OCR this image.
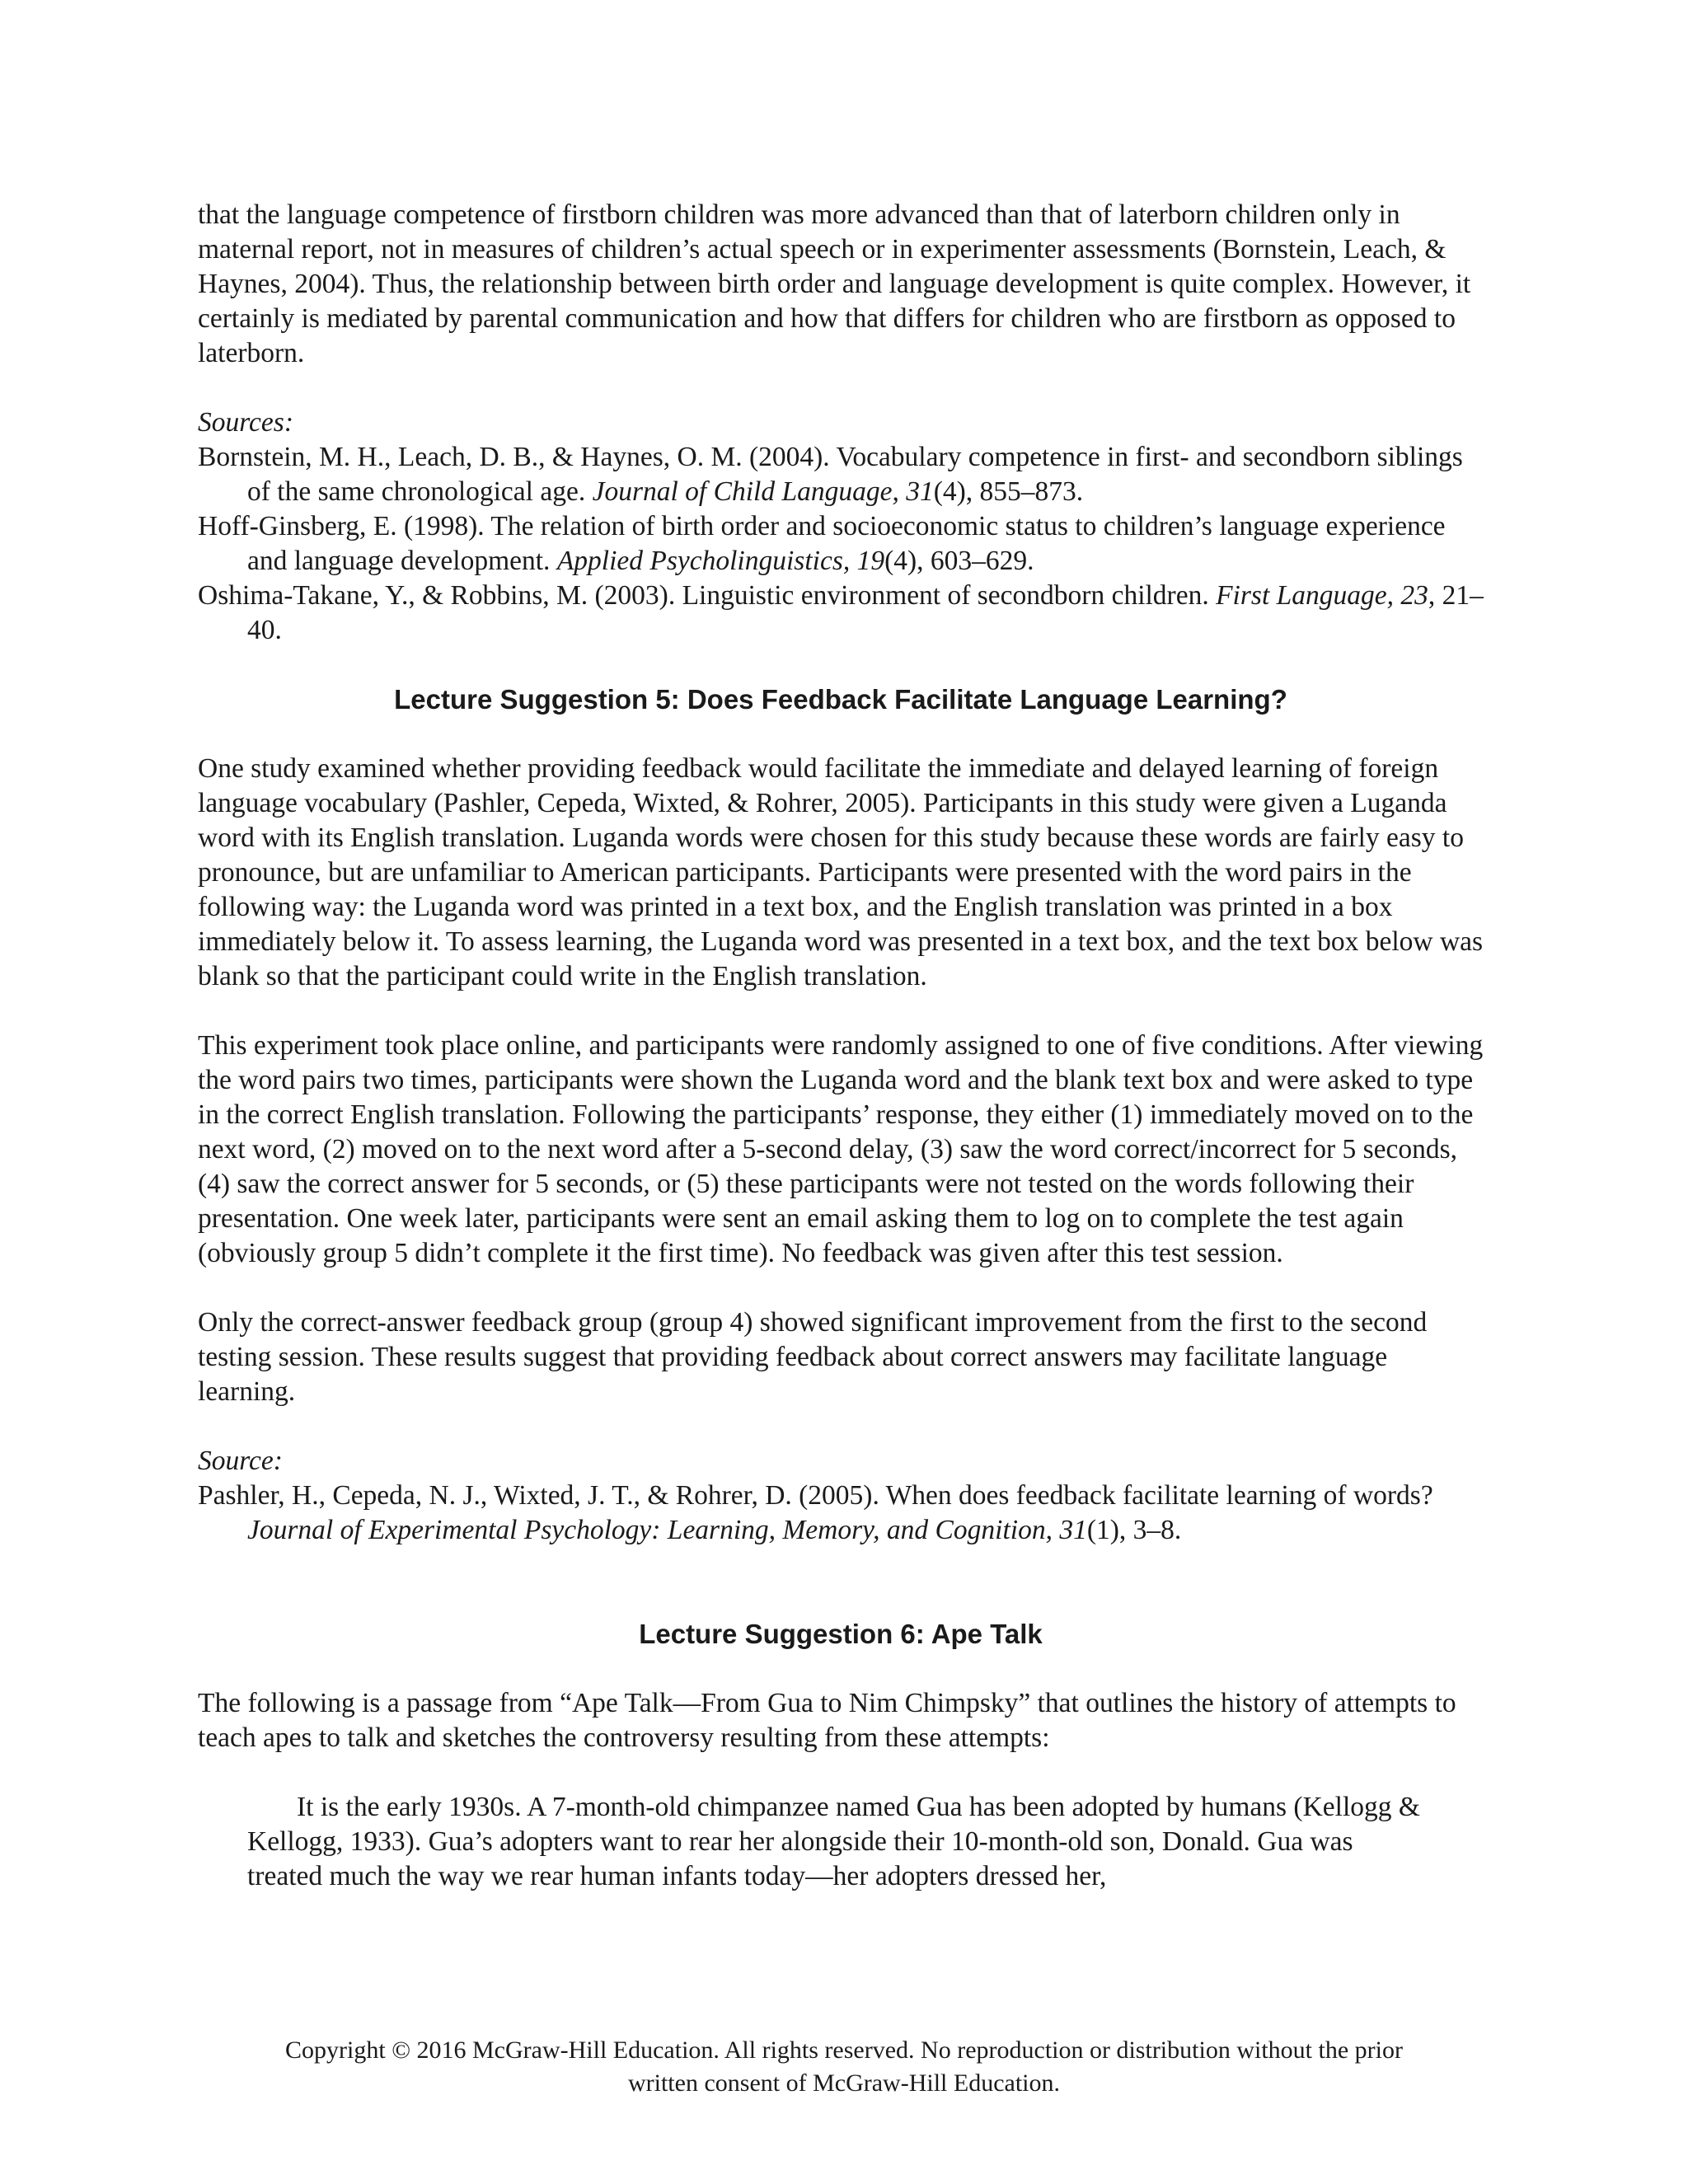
that the language competence of firstborn children was more advanced than that of laterborn children only in maternal report, not in measures of children’s actual speech or in experimenter assessments (Bornstein, Leach, & Haynes, 2004). Thus, the relationship between birth order and language development is quite complex. However, it certainly is mediated by parental communication and how that differs for children who are firstborn as opposed to laterborn.

Sources:

Bornstein, M. H., Leach, D. B., & Haynes, O. M. (2004). Vocabulary competence in first- and secondborn siblings of the same chronological age. Journal of Child Language, 31(4), 855–873.

Hoff-Ginsberg, E. (1998). The relation of birth order and socioeconomic status to children’s language experience and language development. Applied Psycholinguistics, 19(4), 603–629.

Oshima-Takane, Y., & Robbins, M. (2003). Linguistic environment of secondborn children. First Language, 23, 21–40.

Lecture Suggestion 5: Does Feedback Facilitate Language Learning?

One study examined whether providing feedback would facilitate the immediate and delayed learning of foreign language vocabulary (Pashler, Cepeda, Wixted, & Rohrer, 2005). Participants in this study were given a Luganda word with its English translation. Luganda words were chosen for this study because these words are fairly easy to pronounce, but are unfamiliar to American participants. Participants were presented with the word pairs in the following way: the Luganda word was printed in a text box, and the English translation was printed in a box immediately below it. To assess learning, the Luganda word was presented in a text box, and the text box below was blank so that the participant could write in the English translation.

This experiment took place online, and participants were randomly assigned to one of five conditions. After viewing the word pairs two times, participants were shown the Luganda word and the blank text box and were asked to type in the correct English translation. Following the participants’ response, they either (1) immediately moved on to the next word, (2) moved on to the next word after a 5-second delay, (3) saw the word correct/incorrect for 5 seconds, (4) saw the correct answer for 5 seconds, or (5) these participants were not tested on the words following their presentation. One week later, participants were sent an email asking them to log on to complete the test again (obviously group 5 didn’t complete it the first time). No feedback was given after this test session.

Only the correct-answer feedback group (group 4) showed significant improvement from the first to the second testing session. These results suggest that providing feedback about correct answers may facilitate language learning.

Source:

Pashler, H., Cepeda, N. J., Wixted, J. T., & Rohrer, D. (2005). When does feedback facilitate learning of words? Journal of Experimental Psychology: Learning, Memory, and Cognition, 31(1), 3–8.

Lecture Suggestion 6: Ape Talk

The following is a passage from “Ape Talk—From Gua to Nim Chimpsky” that outlines the history of attempts to teach apes to talk and sketches the controversy resulting from these attempts:

It is the early 1930s. A 7-month-old chimpanzee named Gua has been adopted by humans (Kellogg & Kellogg, 1933). Gua’s adopters want to rear her alongside their 10-month-old son, Donald. Gua was treated much the way we rear human infants today—her adopters dressed her,

Copyright © 2016 McGraw-Hill Education. All rights reserved. No reproduction or distribution without the prior
written consent of McGraw-Hill Education.
